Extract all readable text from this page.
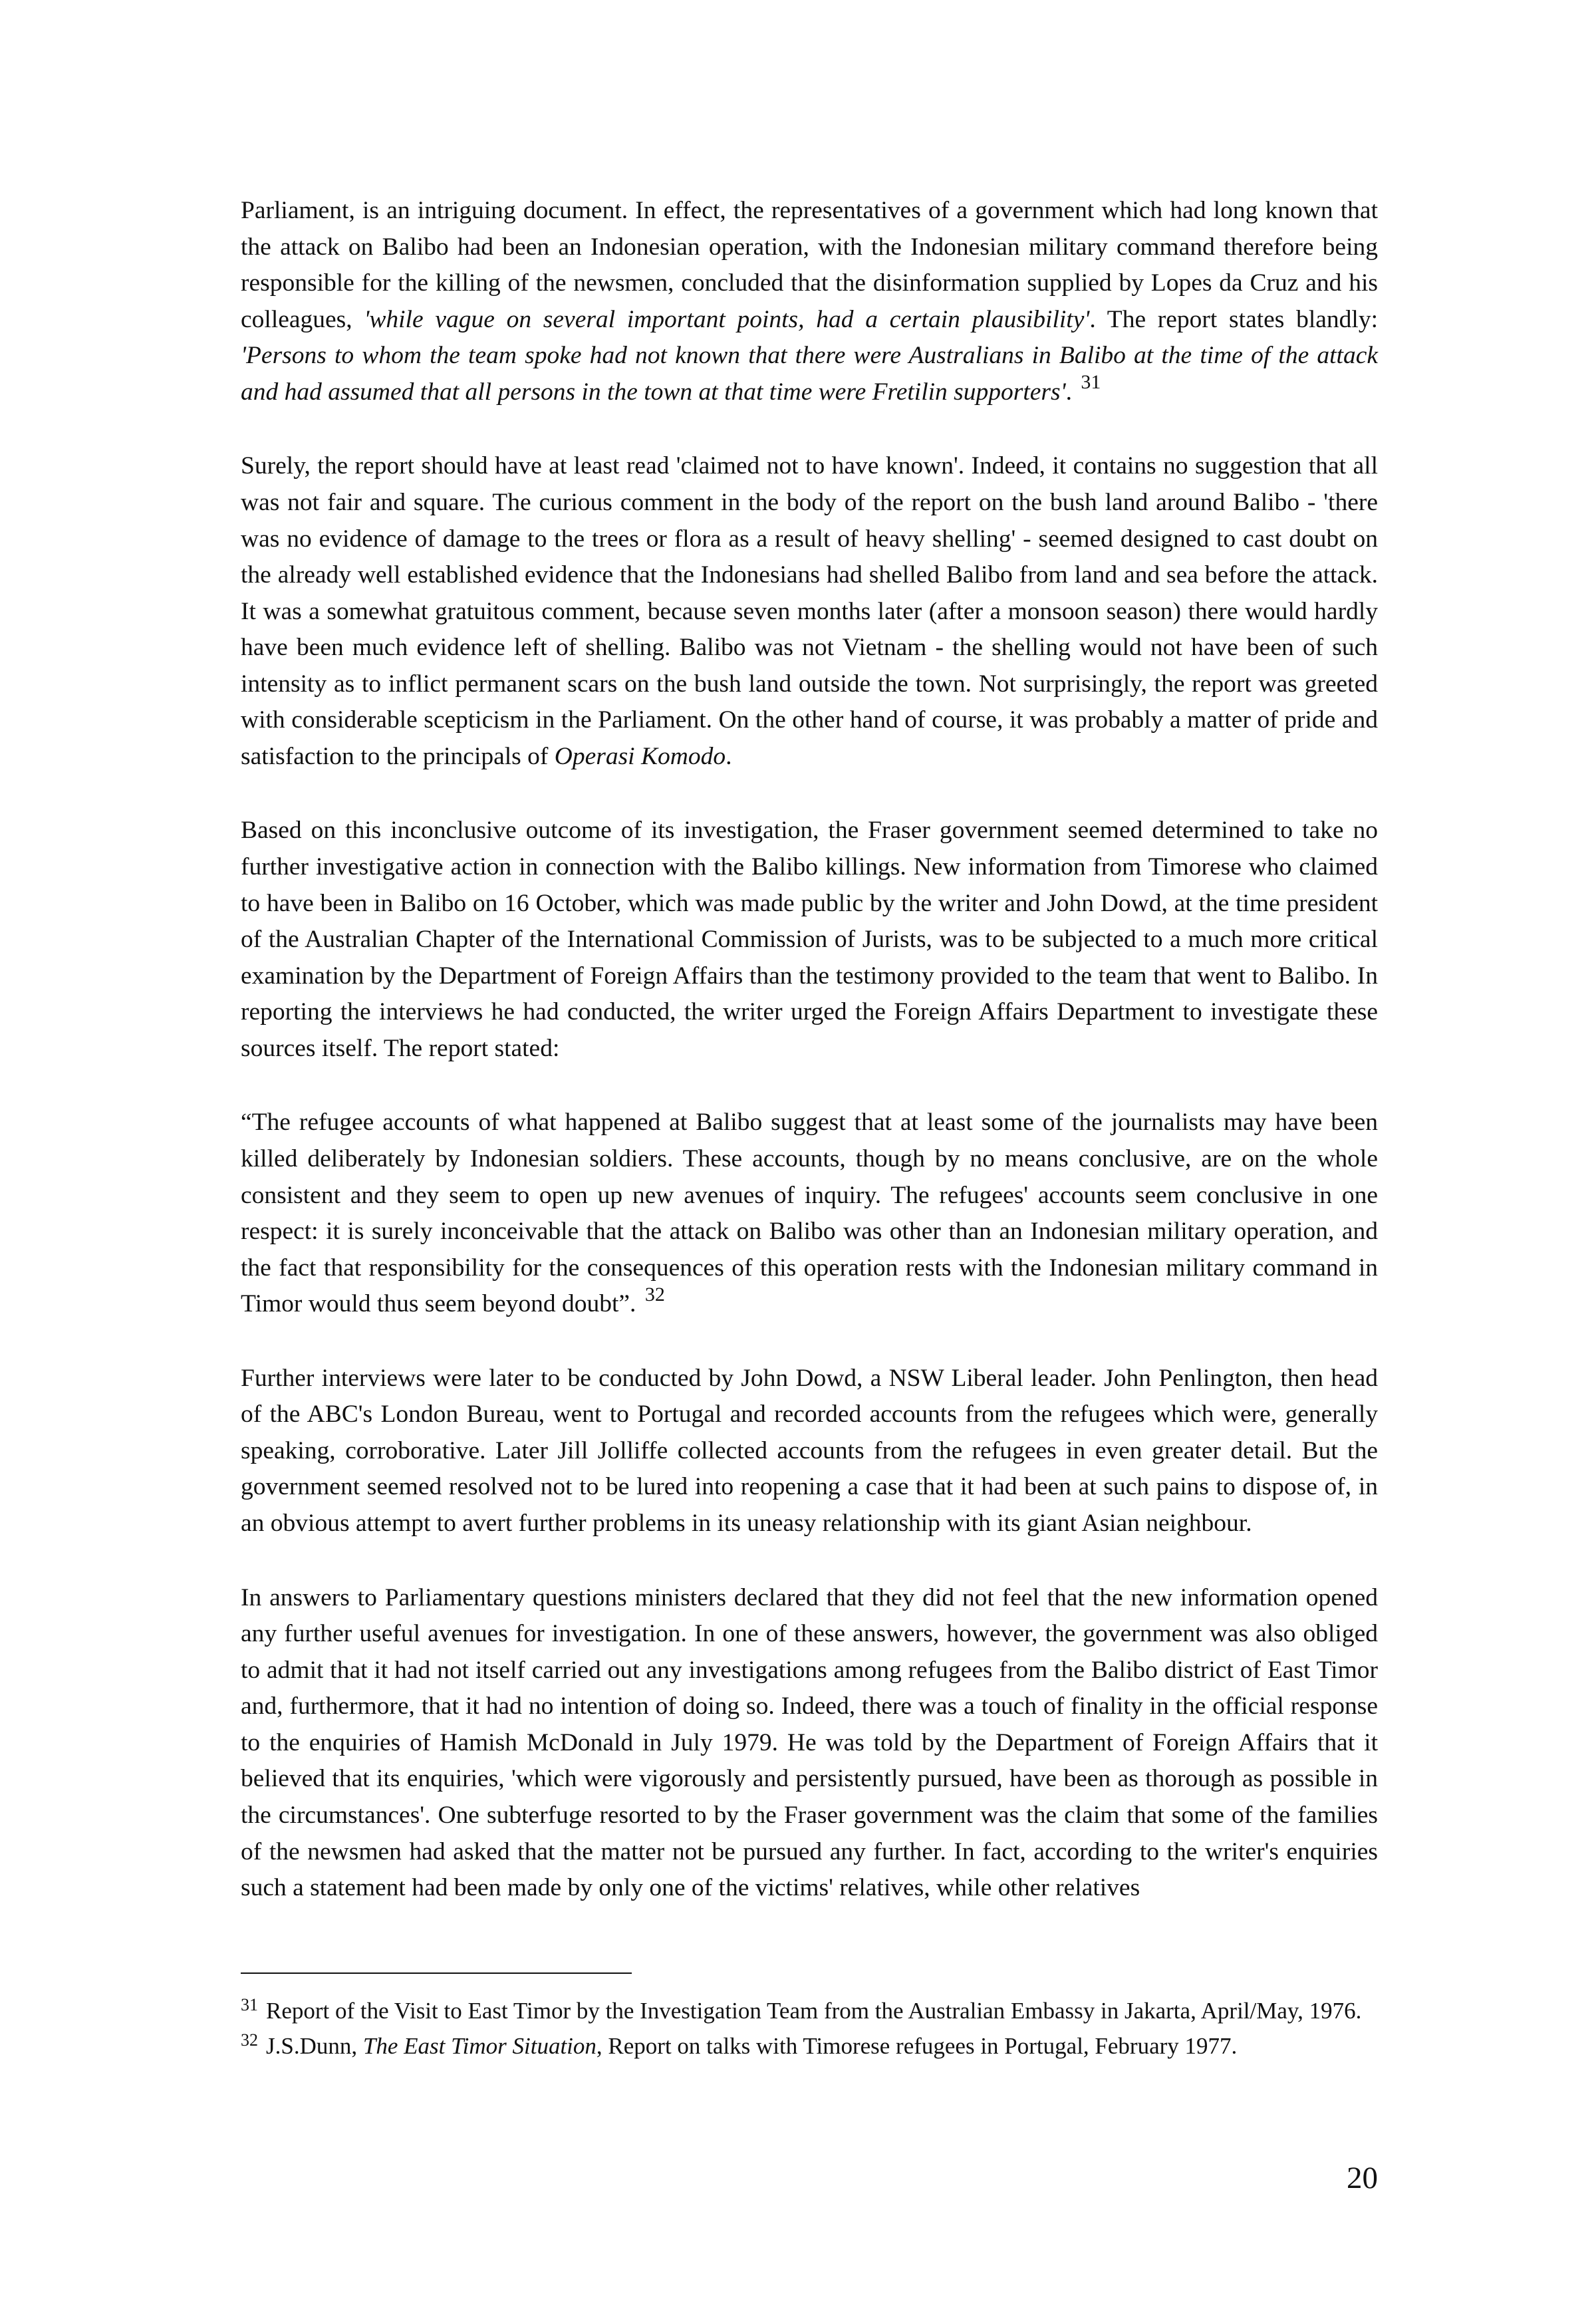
Parliament, is an intriguing document. In effect, the representatives of a government which had long known that the attack on Balibo had been an Indonesian operation, with the Indonesian military command therefore being responsible for the killing of the newsmen, concluded that the disinformation supplied by Lopes da Cruz and his colleagues, 'while vague on several important points, had a certain plausibility'. The report states blandly: 'Persons to whom the team spoke had not known that there were Australians in Balibo at the time of the attack and had assumed that all persons in the town at that time were Fretilin supporters'. $^{31}$

Surely, the report should have at least read 'claimed not to have known'. Indeed, it contains no suggestion that all was not fair and square. The curious comment in the body of the report on the bush land around Balibo - 'there was no evidence of damage to the trees or flora as a result of heavy shelling' - seemed designed to cast doubt on the already well established evidence that the Indonesians had shelled Balibo from land and sea before the attack. It was a somewhat gratuitous comment, because seven months later (after a monsoon season) there would hardly have been much evidence left of shelling. Balibo was not Vietnam - the shelling would not have been of such intensity as to inflict permanent scars on the bush land outside the town. Not surprisingly, the report was greeted with considerable scepticism in the Parliament. On the other hand of course, it was probably a matter of pride and satisfaction to the principals of Operasi Komodo.

Based on this inconclusive outcome of its investigation, the Fraser government seemed determined to take no further investigative action in connection with the Balibo killings. New information from Timorese who claimed to have been in Balibo on 16 October, which was made public by the writer and John Dowd, at the time president of the Australian Chapter of the International Commission of Jurists, was to be subjected to a much more critical examination by the Department of Foreign Affairs than the testimony provided to the team that went to Balibo. In reporting the interviews he had conducted, the writer urged the Foreign Affairs Department to investigate these sources itself. The report stated:

“The refugee accounts of what happened at Balibo suggest that at least some of the journalists may have been killed deliberately by Indonesian soldiers. These accounts, though by no means conclusive, are on the whole consistent and they seem to open up new avenues of inquiry. The refugees' accounts seem conclusive in one respect: it is surely inconceivable that the attack on Balibo was other than an Indonesian military operation, and the fact that responsibility for the consequences of this operation rests with the Indonesian military command in Timor would thus seem beyond doubt”. $^{32}$

Further interviews were later to be conducted by John Dowd, a NSW Liberal leader. John Penlington, then head of the ABC's London Bureau, went to Portugal and recorded accounts from the refugees which were, generally speaking, corroborative. Later Jill Jolliffe collected accounts from the refugees in even greater detail. But the government seemed resolved not to be lured into reopening a case that it had been at such pains to dispose of, in an obvious attempt to avert further problems in its uneasy relationship with its giant Asian neighbour.

In answers to Parliamentary questions ministers declared that they did not feel that the new information opened any further useful avenues for investigation. In one of these answers, however, the government was also obliged to admit that it had not itself carried out any investigations among refugees from the Balibo district of East Timor and, furthermore, that it had no intention of doing so. Indeed, there was a touch of finality in the official response to the enquiries of Hamish McDonald in July 1979. He was told by the Department of Foreign Affairs that it believed that its enquiries, 'which were vigorously and persistently pursued, have been as thorough as possible in the circumstances'. One subterfuge resorted to by the Fraser government was the claim that some of the families of the newsmen had asked that the matter not be pursued any further. In fact, according to the writer's enquiries such a statement had been made by only one of the victims' relatives, while other relatives

$^{31}$ Report of the Visit to East Timor by the Investigation Team from the Australian Embassy in Jakarta, April/May, 1976.

$^{32}$ J.S.Dunn, The East Timor Situation, Report on talks with Timorese refugees in Portugal, February 1977.

20
